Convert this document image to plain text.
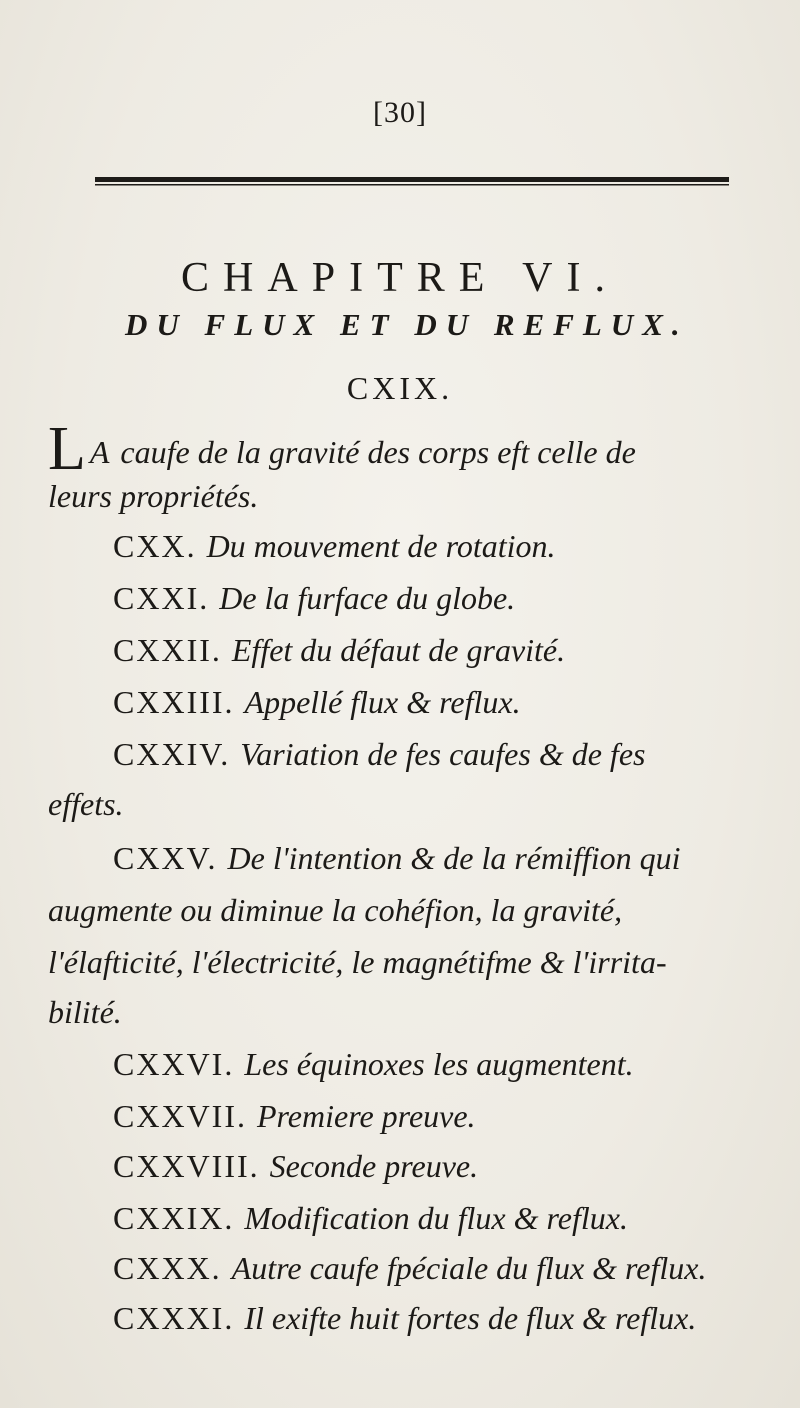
[30]
CHAPITRE VI.
DU FLUX ET DU REFLUX.
CXIX.
L A caufe de la gravité des corps eft celle de
leurs propriétés.
CXX. Du mouvement de rotation.
CXXI. De la furface du globe.
CXXII. Effet du défaut de gravité.
CXXIII. Appellé flux & reflux.
CXXIV. Variation de fes caufes & de fes
effets.
CXXV. De l'intention & de la rémiffion qui
augmente ou diminue la cohéfion, la gravité,
l'élafticité, l'électricité, le magnétifme & l'irrita-
bilité.
CXXVI. Les équinoxes les augmentent.
CXXVII. Premiere preuve.
CXXVIII. Seconde preuve.
CXXIX. Modification du flux & reflux.
CXXX. Autre caufe fpéciale du flux & reflux.
CXXXI. Il exifte huit fortes de flux & reflux.
